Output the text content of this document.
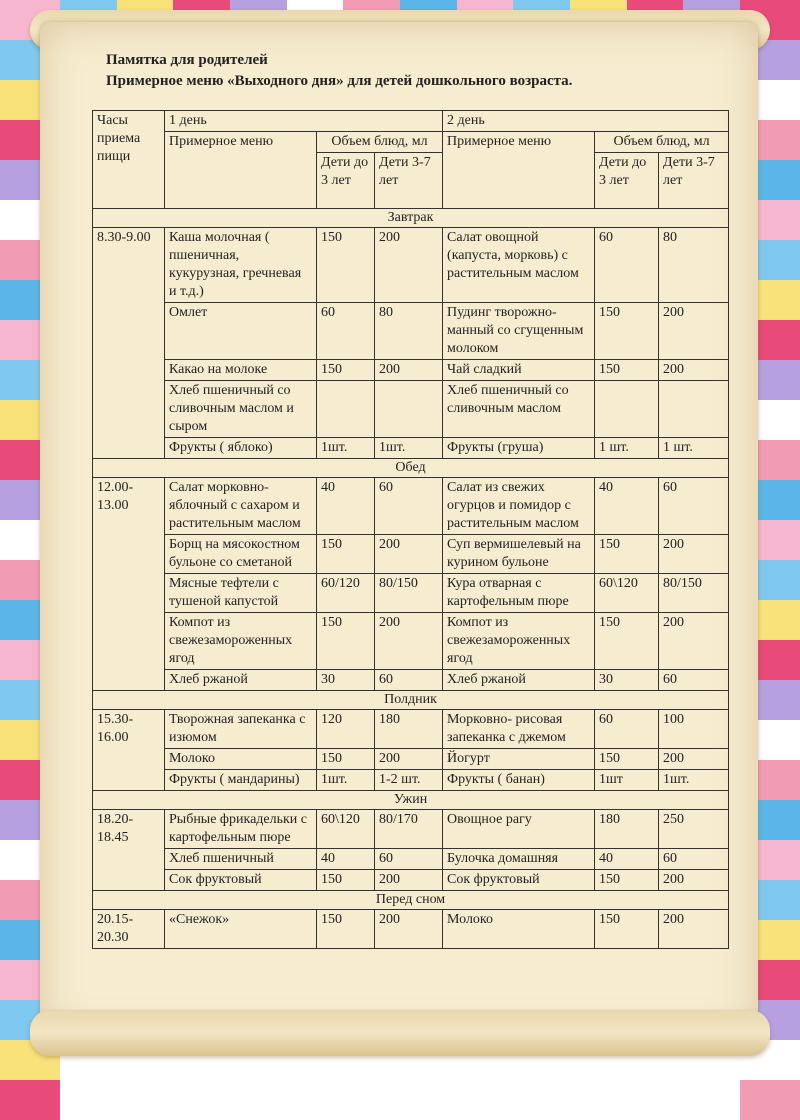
Памятка для родителей

Примерное меню «Выходного дня» для детей дошкольного возраста.

Часы приема пищи	1 день			2 день		
	Примерное меню	Объем блюд, мл		Примерное меню	Объем блюд, мл	
		Дети до 3 лет	Дети 3-7 лет		Дети до 3 лет	Дети 3-7 лет
Завтрак						
8.30-9.00	Каша молочная ( пшеничная, кукурузная, гречневая и т.д.)	150	200	Салат овощной (капуста, морковь) с растительным маслом	60	80
	Омлет	60	80	Пудинг творожно-манный со сгущенным молоком	150	200
	Какао на молоке	150	200	Чай сладкий	150	200
	Хлеб пшеничный со сливочным маслом и сыром			Хлеб пшеничный со сливочным маслом		
	Фрукты ( яблоко)	1шт.	1шт.	Фрукты (груша)	1 шт.	1 шт.
Обед						
12.00-13.00	Салат морковно-яблочный с сахаром и растительным маслом	40	60	Салат из свежих огурцов и помидор с растительным маслом	40	60
	Борщ на мясокостном бульоне со сметаной	150	200	Суп вермишелевый на курином бульоне	150	200
	Мясные тефтели с тушеной капустой	60/120	80/150	Кура отварная с картофельным пюре	60\120	80/150
	Компот из свежезамороженных ягод	150	200	Компот из свежезамороженных ягод	150	200
	Хлеб ржаной	30	60	Хлеб ржаной	30	60
Полдник						
15.30-16.00	Творожная запеканка с изюмом	120	180	Морковно- рисовая запеканка с джемом	60	100
	Молоко	150	200	Йогурт	150	200
	Фрукты ( мандарины)	1шт.	1-2 шт.	Фрукты ( банан)	1шт	1шт.
Ужин						
18.20-18.45	Рыбные фрикадельки с картофельным пюре	60\120	80/170	Овощное рагу	180	250
	Хлеб пшеничный	40	60	Булочка домашняя	40	60
	Сок фруктовый	150	200	Сок фруктовый	150	200
Перед сном						
20.15-20.30	«Снежок»	150	200	Молоко	150	200
